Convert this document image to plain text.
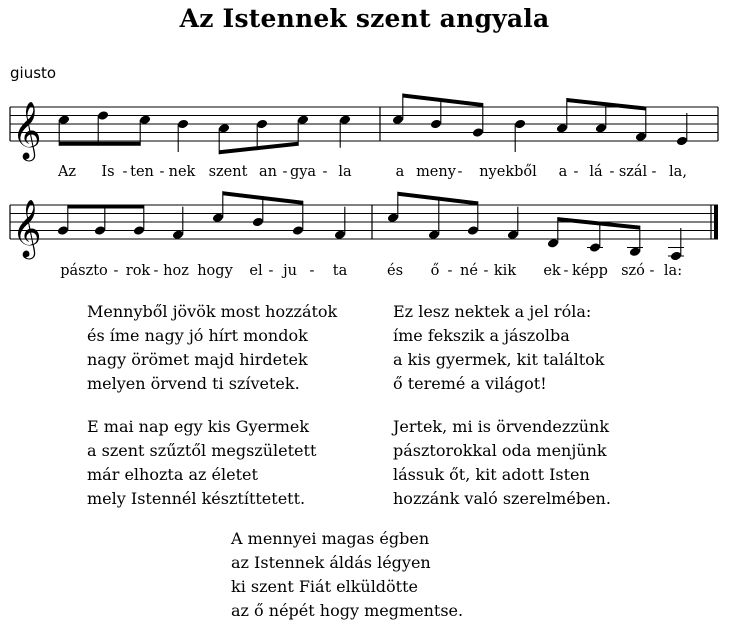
Az Istennek szent angyala
giusto
𝄞
Az Is - ten - nek szent an - gya - la	a meny - nyekből a - lá - szál - la,
𝄞
pászto - rok - hoz hogy el - ju - ta	és ő - né - kik ek - képp szó - la:
Mennyből jövök most hozzátok
és íme nagy jó hírt mondok
nagy örömet majd hirdetek
melyen örvend ti szívetek.
Ez lesz nektek a jel róla:
íme fekszik a jászolba
a kis gyermek, kit találtok
ő teremé a világot!
E mai nap egy kis Gyermek
a szent szűztől megszületett
már elhozta az életet
mely Istennél késztíttetett.
Jertek, mi is örvendezzünk
pásztorokkal oda menjünk
lássuk őt, kit adott Isten
hozzánk való szerelmében.
A mennyei magas égben
az Istennek áldás légyen
ki szent Fiát elküldötte
az ő népét hogy megmentse.
